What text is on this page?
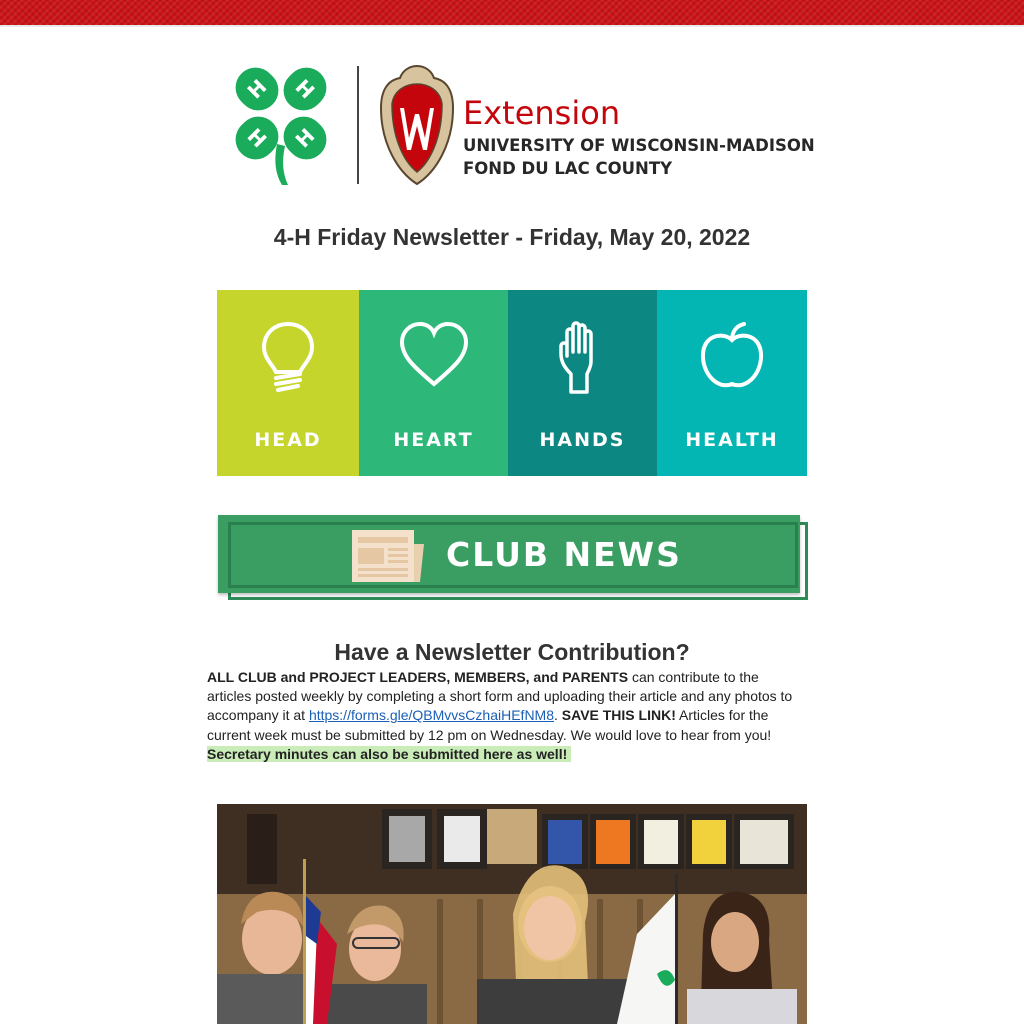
H H
H H
Extension
UNIVERSITY OF WISCONSIN-MADISON
FOND DU LAC COUNTY
4-H Friday Newsletter - Friday, May 20, 2022
HEAD	HEART	HANDS	HEALTH
CLUB NEWS
Have a Newsletter Contribution?
ALL CLUB and PROJECT LEADERS, MEMBERS, and PARENTS can contribute to the articles posted weekly by completing a short form and uploading their article and any photos to accompany it at https://forms.gle/QBMvvsCzhaiHEfNM8. SAVE THIS LINK! Articles for the current week must be submitted by 12 pm on Wednesday. We would love to hear from you!
Secretary minutes can also be submitted here as well!
